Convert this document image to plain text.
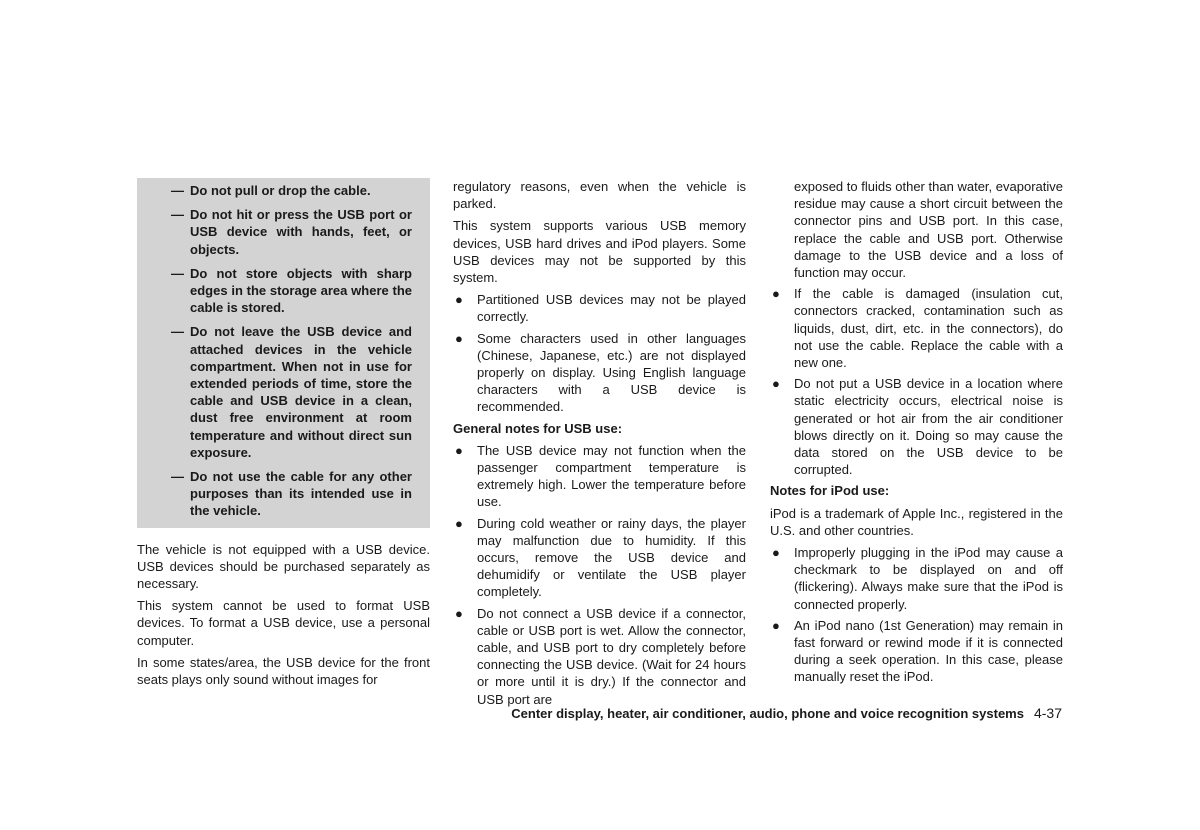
— Do not pull or drop the cable.
— Do not hit or press the USB port or USB device with hands, feet, or objects.
— Do not store objects with sharp edges in the storage area where the cable is stored.
— Do not leave the USB device and attached devices in the vehicle compartment. When not in use for extended periods of time, store the cable and USB device in a clean, dust free environment at room temperature and without direct sun exposure.
— Do not use the cable for any other purposes than its intended use in the vehicle.

The vehicle is not equipped with a USB device. USB devices should be purchased separately as necessary.

This system cannot be used to format USB devices. To format a USB device, use a personal computer.

In some states/area, the USB device for the front seats plays only sound without images for

regulatory reasons, even when the vehicle is parked.

This system supports various USB memory devices, USB hard drives and iPod players. Some USB devices may not be supported by this system.

● Partitioned USB devices may not be played correctly.
● Some characters used in other languages (Chinese, Japanese, etc.) are not displayed properly on display. Using English language characters with a USB device is recommended.
General notes for USB use:
● The USB device may not function when the passenger compartment temperature is extremely high. Lower the temperature before use.
● During cold weather or rainy days, the player may malfunction due to humidity. If this occurs, remove the USB device and dehumidify or ventilate the USB player completely.
● Do not connect a USB device if a connector, cable or USB port is wet. Allow the connector, cable, and USB port to dry completely before connecting the USB device. (Wait for 24 hours or more until it is dry.) If the connector and USB port are
exposed to fluids other than water, evaporative residue may cause a short circuit between the connector pins and USB port. In this case, replace the cable and USB port. Otherwise damage to the USB device and a loss of function may occur.
● If the cable is damaged (insulation cut, connectors cracked, contamination such as liquids, dust, dirt, etc. in the connectors), do not use the cable. Replace the cable with a new one.
● Do not put a USB device in a location where static electricity occurs, electrical noise is generated or hot air from the air conditioner blows directly on it. Doing so may cause the data stored on the USB device to be corrupted.
Notes for iPod use:

iPod is a trademark of Apple Inc., registered in the U.S. and other countries.

● Improperly plugging in the iPod may cause a checkmark to be displayed on and off (flickering). Always make sure that the iPod is connected properly.
● An iPod nano (1st Generation) may remain in fast forward or rewind mode if it is connected during a seek operation. In this case, please manually reset the iPod.
Center display, heater, air conditioner, audio, phone and voice recognition systems 4-37
